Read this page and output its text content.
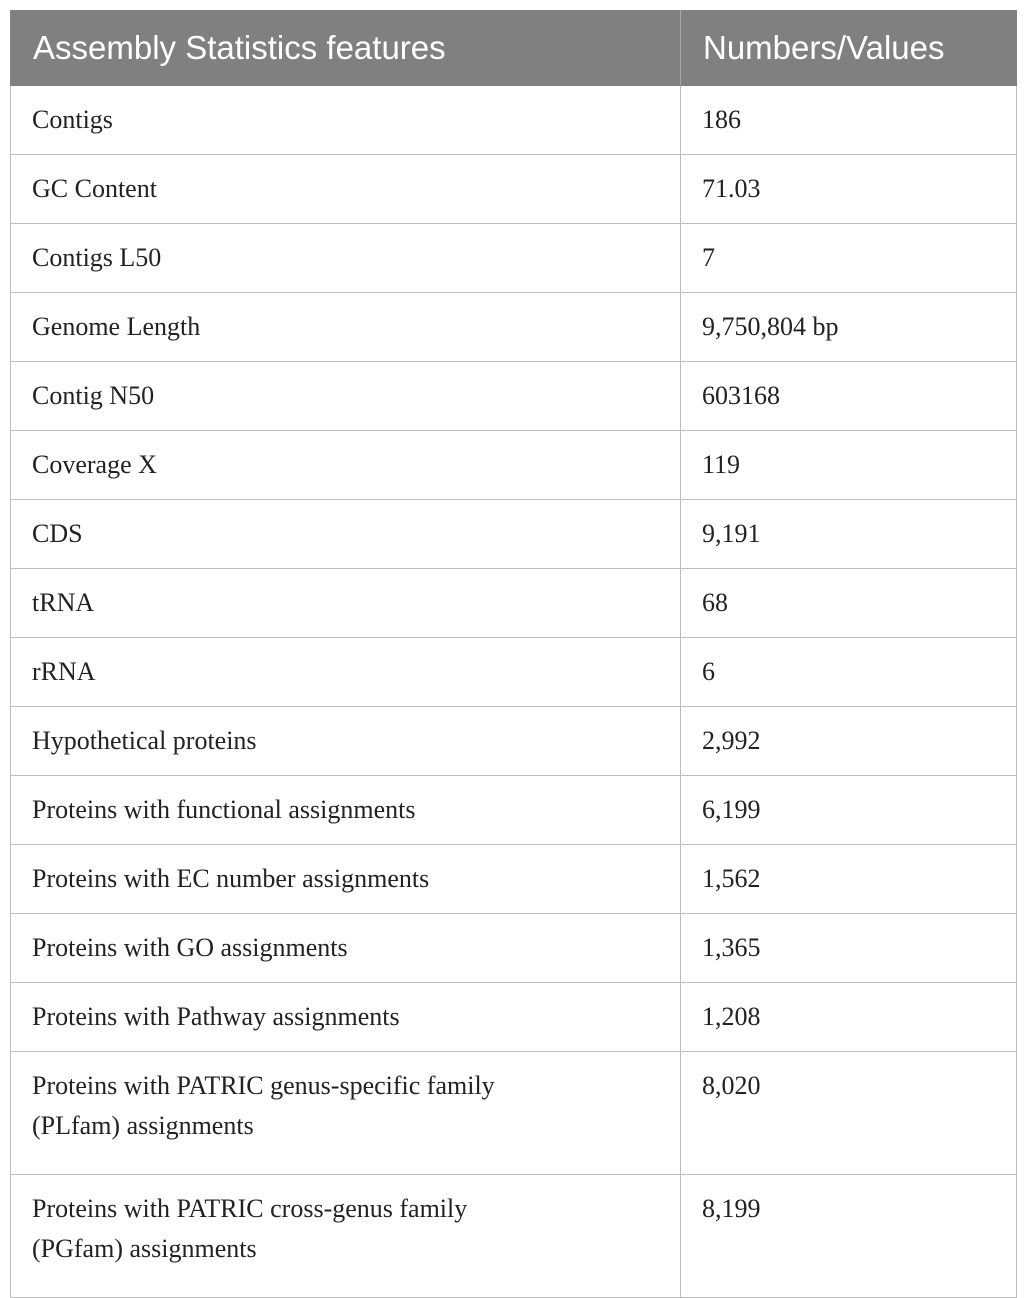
Assembly Statistics features	Numbers/Values
Contigs	186
GC Content	71.03
Contigs L50	7
Genome Length	9,750,804 bp
Contig N50	603168
Coverage X	119
CDS	9,191
tRNA	68
rRNA	6
Hypothetical proteins	2,992
Proteins with functional assignments	6,199
Proteins with EC number assignments	1,562
Proteins with GO assignments	1,365
Proteins with Pathway assignments	1,208

Proteins with PATRIC genus-specific family (PLfam) assignments	8,020

Proteins with PATRIC cross-genus family (PGfam) assignments	8,199
